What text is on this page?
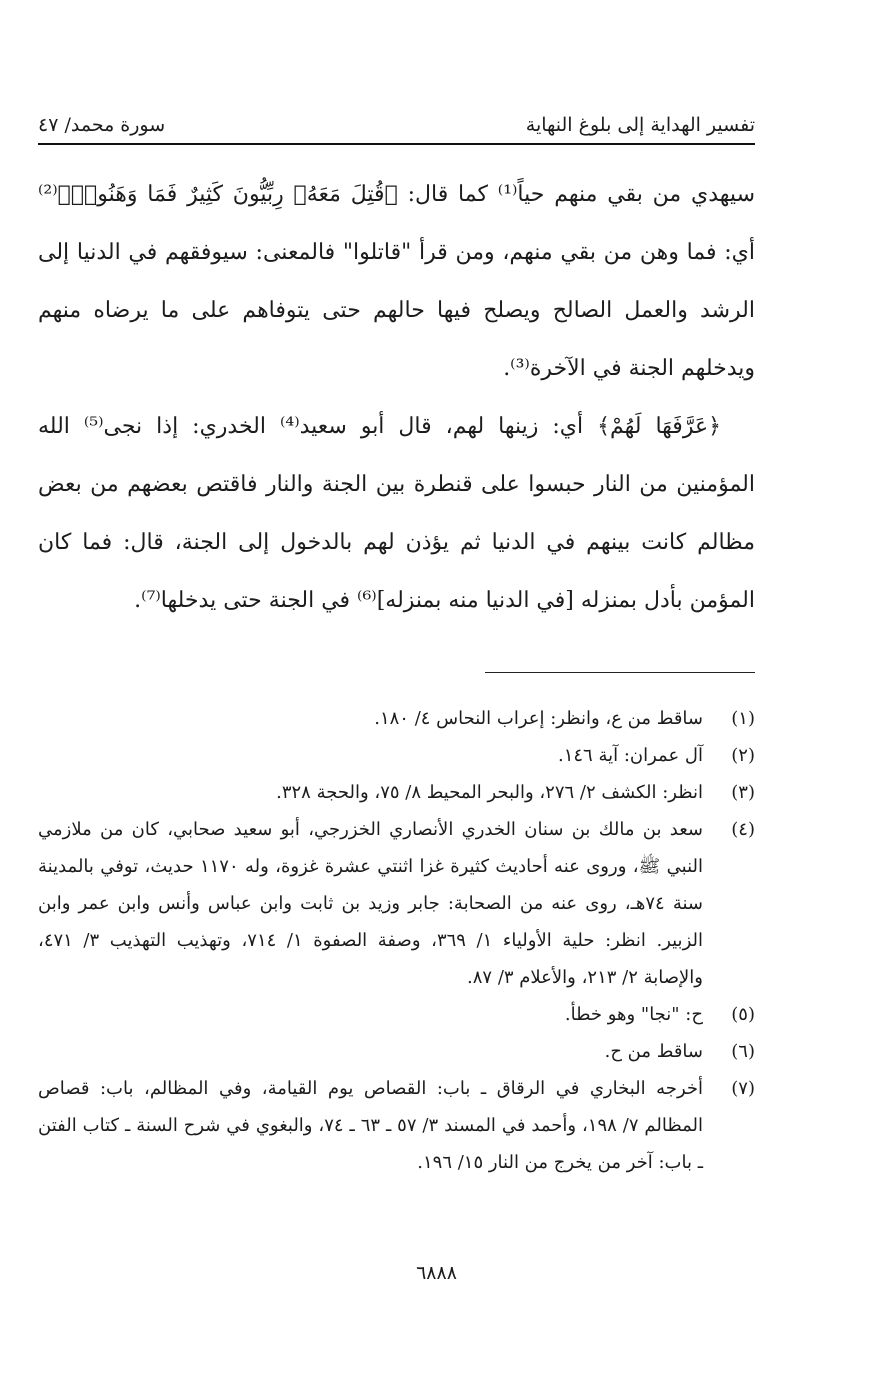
تفسير الهداية إلى بلوغ النهاية
سورة محمد/ ٤٧

سيهدي من بقي منهم حياً⁽¹⁾ كما قال: ﴿قُتِلَ مَعَهُۥ رِبِّيُّونَ كَثِيرٌ فَمَا وَهَنُوا۟﴾⁽²⁾ أي: فما وهن من بقي منهم، ومن قرأ "قاتلوا" فالمعنى: سيوفقهم في الدنيا إلى الرشد والعمل الصالح ويصلح فيها حالهم حتى يتوفاهم على ما يرضاه منهم ويدخلهم الجنة في الآخرة⁽³⁾.

﴿عَرَّفَهَا لَهُمْ﴾ أي: زينها لهم، قال أبو سعيد⁽⁴⁾ الخدري: إذا نجى⁽⁵⁾ الله المؤمنين من النار حبسوا على قنطرة بين الجنة والنار فاقتص بعضهم من بعض مظالم كانت بينهم في الدنيا ثم يؤذن لهم بالدخول إلى الجنة، قال: فما كان المؤمن بأدل بمنزله [في الدنيا منه بمنزله]⁽⁶⁾ في الجنة حتى يدخلها⁽⁷⁾.

(١)
ساقط من ع، وانظر: إعراب النحاس ٤/ ١٨٠.
(٢)
آل عمران: آية ١٤٦.
(٣)
انظر: الكشف ٢/ ٢٧٦، والبحر المحيط ٨/ ٧٥، والحجة ٣٢٨.
(٤)
سعد بن مالك بن سنان الخدري الأنصاري الخزرجي، أبو سعيد صحابي، كان من ملازمي النبي ﷺ، وروى عنه أحاديث كثيرة غزا اثنتي عشرة غزوة، وله ١١٧٠ حديث، توفي بالمدينة سنة ٧٤هـ، روى عنه من الصحابة: جابر وزيد بن ثابت وابن عباس وأنس وابن عمر وابن الزبير. انظر: حلية الأولياء ١/ ٣٦٩، وصفة الصفوة ١/ ٧١٤، وتهذيب التهذيب ٣/ ٤٧١، والإصابة ٢/ ٢١٣، والأعلام ٣/ ٨٧.
(٥)
ح: "نجا" وهو خطأ.
(٦)
ساقط من ح.
(٧)
أخرجه البخاري في الرقاق ـ باب: القصاص يوم القيامة، وفي المظالم، باب: قصاص المظالم ٧/ ١٩٨، وأحمد في المسند ٣/ ٥٧ ـ ٦٣ ـ ٧٤، والبغوي في شرح السنة ـ كتاب الفتن ـ باب: آخر من يخرج من النار ١٥/ ١٩٦.
٦٨٨٨
